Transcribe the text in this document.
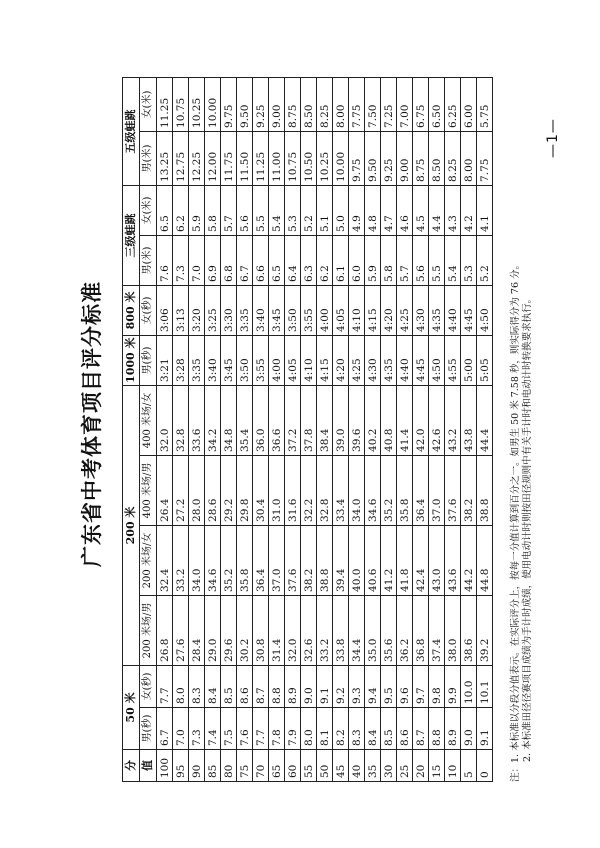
广东省中考体育项目评分标准
分	50 米		200 米				1000 米	800 米	三级蛙跳		五级蛙跳	
值	男(秒)	女(秒)	200 米场/男	200 米场/女	400 米场/男	400 米场/女	男(秒)	女(秒)	男(米)	女(米)	男(米)	女(米)
100	6.7	7.7	26.8	32.4	26.4	32.0	3:21	3:06	7.6	6.5	13.25	11.25
95	7.0	8.0	27.6	33.2	27.2	32.8	3:28	3:13	7.3	6.2	12.75	10.75
90	7.3	8.3	28.4	34.0	28.0	33.6	3:35	3:20	7.0	5.9	12.25	10.25
85	7.4	8.4	29.0	34.6	28.6	34.2	3:40	3:25	6.9	5.8	12.00	10.00
80	7.5	8.5	29.6	35.2	29.2	34.8	3:45	3:30	6.8	5.7	11.75	9.75
75	7.6	8.6	30.2	35.8	29.8	35.4	3:50	3:35	6.7	5.6	11.50	9.50
70	7.7	8.7	30.8	36.4	30.4	36.0	3:55	3:40	6.6	5.5	11.25	9.25
65	7.8	8.8	31.4	37.0	31.0	36.6	4:00	3:45	6.5	5.4	11.00	9.00
60	7.9	8.9	32.0	37.6	31.6	37.2	4:05	3:50	6.4	5.3	10.75	8.75
55	8.0	9.0	32.6	38.2	32.2	37.8	4:10	3:55	6.3	5.2	10.50	8.50
50	8.1	9.1	33.2	38.8	32.8	38.4	4:15	4:00	6.2	5.1	10.25	8.25
45	8.2	9.2	33.8	39.4	33.4	39.0	4:20	4:05	6.1	5.0	10.00	8.00
40	8.3	9.3	34.4	40.0	34.0	39.6	4:25	4:10	6.0	4.9	9.75	7.75
35	8.4	9.4	35.0	40.6	34.6	40.2	4:30	4:15	5.9	4.8	9.50	7.50
30	8.5	9.5	35.6	41.2	35.2	40.8	4:35	4:20	5.8	4.7	9.25	7.25
25	8.6	9.6	36.2	41.8	35.8	41.4	4:40	4:25	5.7	4.6	9.00	7.00
20	8.7	9.7	36.8	42.4	36.4	42.0	4:45	4:30	5.6	4.5	8.75	6.75
15	8.8	9.8	37.4	43.0	37.0	42.6	4:50	4:35	5.5	4.4	8.50	6.50
10	8.9	9.9	38.0	43.6	37.6	43.2	4:55	4:40	5.4	4.3	8.25	6.25
5	9.0	10.0	38.6	44.2	38.2	43.8	5:00	4:45	5.3	4.2	8.00	6.00
0	9.1	10.1	39.2	44.8	38.8	44.4	5:05	4:50	5.2	4.1	7.75	5.75
注：1. 本标准以分段分值表示。在实际评分上，按每一分值计算到百分之一。如男生 50 米 7.58 秒，则实际得分为 76 分。 2. 本标准田径径赛项目成绩为手计时成绩，使用电动计时则按田径规则中有关手计时和电动计时转换要求执行。
—1—
